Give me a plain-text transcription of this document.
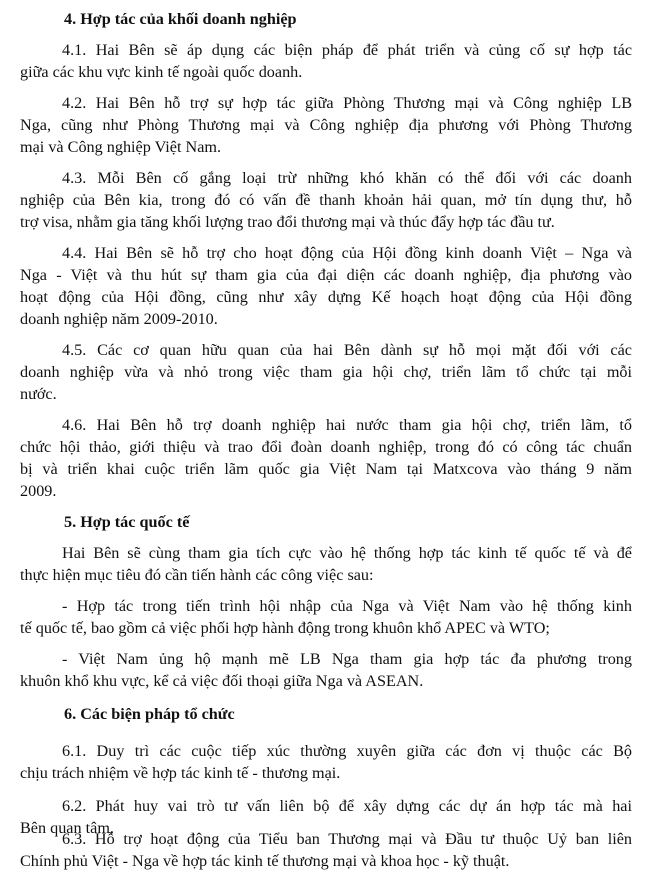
4. Hợp tác của khối doanh nghiệp
4.1. Hai Bên sẽ áp dụng các biện pháp để phát triển và củng cố sự hợp tác
giữa các khu vực kinh tế ngoài quốc doanh.
4.2. Hai Bên hỗ trợ sự hợp tác giữa Phòng Thương mại và Công nghiệp LB
Nga, cũng như Phòng Thương mại và Công nghiệp địa phương với Phòng Thương
mại và Công nghiệp Việt Nam.
4.3. Mỗi Bên cố gắng loại trừ những khó khăn có thể đối với các doanh
nghiệp của Bên kia, trong đó có vấn đề thanh khoản hải quan, mở tín dụng thư, hỗ
trợ visa, nhằm gia tăng khối lượng trao đổi thương mại và thúc đẩy hợp tác đầu tư.
4.4. Hai Bên sẽ hỗ trợ cho hoạt động của Hội đồng kinh doanh Việt – Nga và
Nga - Việt và thu hút sự tham gia của đại diện các doanh nghiệp, địa phương vào
hoạt động của Hội đồng, cũng như xây dựng Kế hoạch hoạt động của Hội đồng
doanh nghiệp năm 2009-2010.
4.5. Các cơ quan hữu quan của hai Bên dành sự hỗ mọi mặt đối với các
doanh nghiệp vừa và nhỏ trong việc tham gia hội chợ, triển lãm tổ chức tại mỗi
nước.
4.6. Hai Bên hỗ trợ doanh nghiệp hai nước tham gia hội chợ, triển lãm, tổ
chức hội thảo, giới thiệu và trao đổi đoàn doanh nghiệp, trong đó có công tác chuẩn
bị và triển khai cuộc triển lãm quốc gia Việt Nam tại Matxcova vào tháng 9 năm
2009.
5. Hợp tác quốc tế
Hai Bên sẽ cùng tham gia tích cực vào hệ thống hợp tác kinh tế quốc tế và để
thực hiện mục tiêu đó cần tiến hành các công việc sau:
- Hợp tác trong tiến trình hội nhập của Nga và Việt Nam vào hệ thống kinh
tế quốc tế, bao gồm cả việc phối hợp hành động trong khuôn khổ APEC và WTO;
- Việt Nam ủng hộ mạnh mẽ LB Nga tham gia hợp tác đa phương trong
khuôn khổ khu vực, kể cả việc đối thoại giữa Nga và ASEAN.
6. Các biện pháp tổ chức
6.1. Duy trì các cuộc tiếp xúc thường xuyên giữa các đơn vị thuộc các Bộ
chịu trách nhiệm về hợp tác kinh tế - thương mại.
6.2. Phát huy vai trò tư vấn liên bộ để xây dựng các dự án hợp tác mà hai
Bên quan tâm.
6.3. Hỗ trợ hoạt động của Tiểu ban Thương mại và Đầu tư thuộc Uỷ ban liên
Chính phủ Việt - Nga về hợp tác kinh tế thương mại và khoa học - kỹ thuật.
